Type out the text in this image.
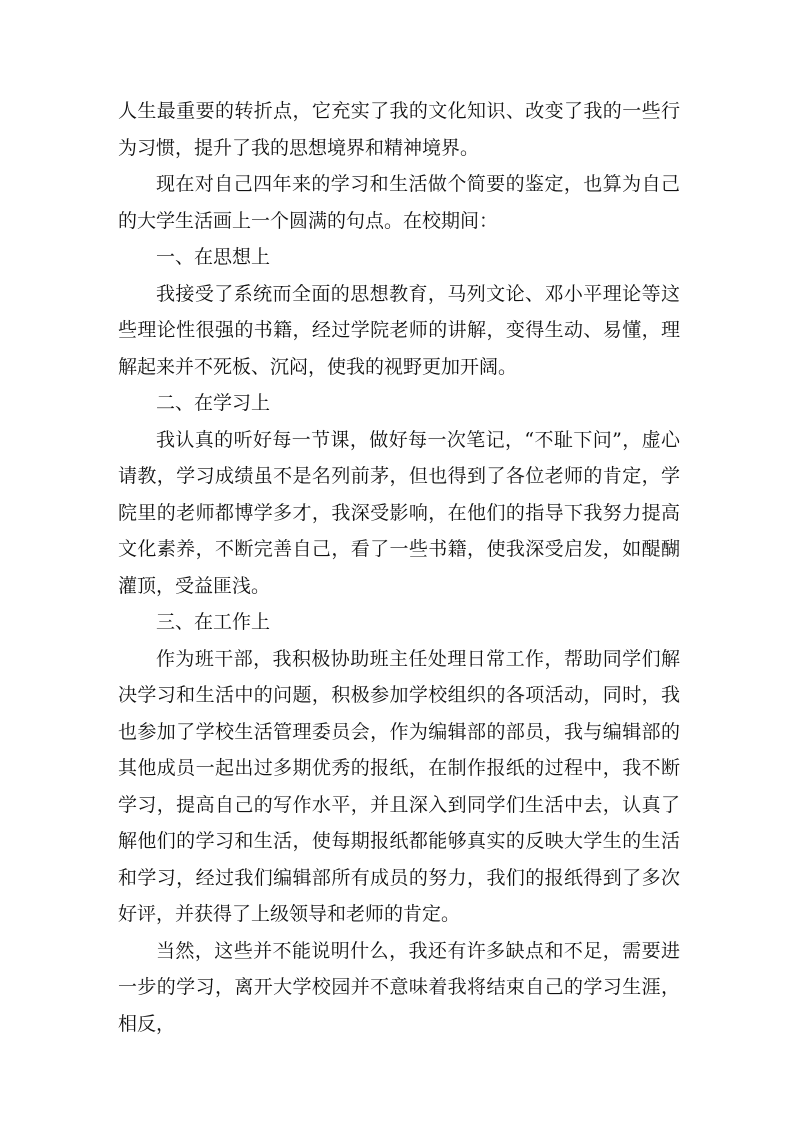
人生最重要的转折点，它充实了我的文化知识、改变了我的一些行为习惯，提升了我的思想境界和精神境界。

现在对自己四年来的学习和生活做个简要的鉴定，也算为自己的大学生活画上一个圆满的句点。在校期间：

一、在思想上

我接受了系统而全面的思想教育，马列文论、邓小平理论等这些理论性很强的书籍，经过学院老师的讲解，变得生动、易懂，理解起来并不死板、沉闷，使我的视野更加开阔。

二、在学习上

我认真的听好每一节课，做好每一次笔记，“不耻下问”，虚心请教，学习成绩虽不是名列前茅，但也得到了各位老师的肯定，学院里的老师都博学多才，我深受影响，在他们的指导下我努力提高文化素养，不断完善自己，看了一些书籍，使我深受启发，如醍醐灌顶，受益匪浅。

三、在工作上

作为班干部，我积极协助班主任处理日常工作，帮助同学们解决学习和生活中的问题，积极参加学校组织的各项活动，同时，我也参加了学校生活管理委员会，作为编辑部的部员，我与编辑部的其他成员一起出过多期优秀的报纸，在制作报纸的过程中，我不断学习，提高自己的写作水平，并且深入到同学们生活中去，认真了解他们的学习和生活，使每期报纸都能够真实的反映大学生的生活和学习，经过我们编辑部所有成员的努力，我们的报纸得到了多次好评，并获得了上级领导和老师的肯定。

当然，这些并不能说明什么，我还有许多缺点和不足，需要进一步的学习，离开大学校园并不意味着我将结束自己的学习生涯，相反，
